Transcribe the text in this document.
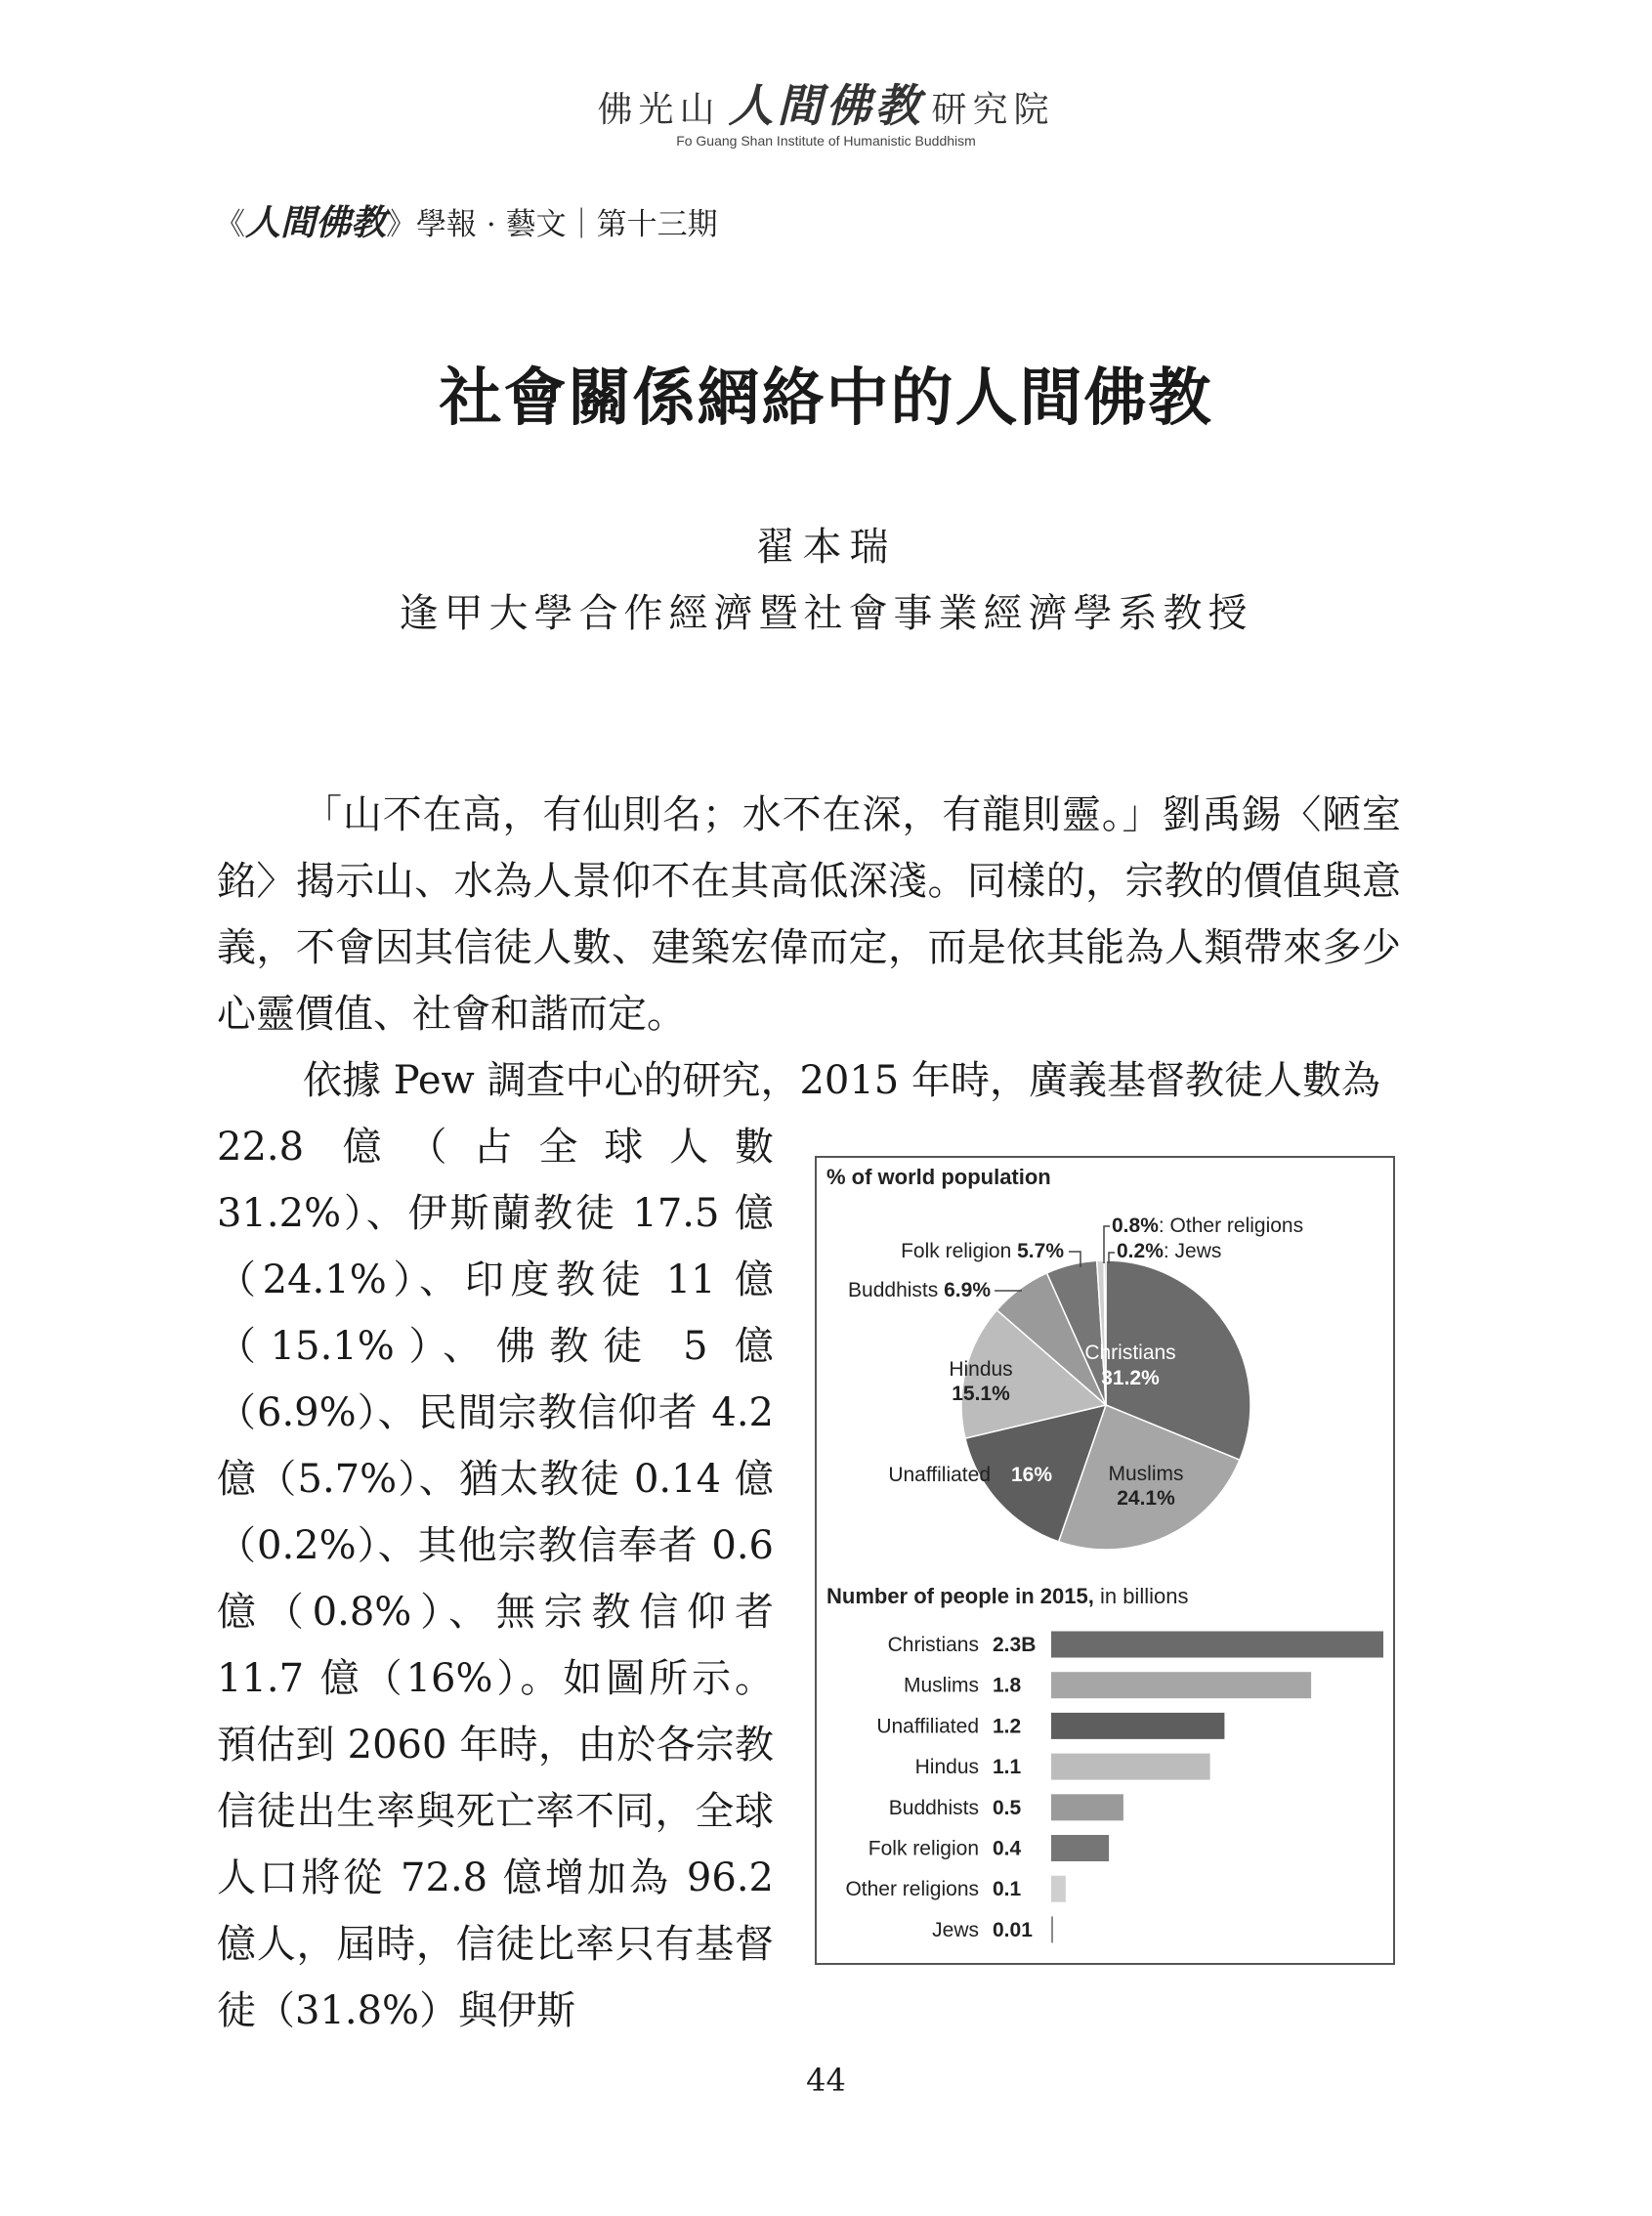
佛光山 人間佛教 研究院
Fo Guang Shan Institute of Humanistic Buddhism
《人間佛教》學報 · 藝文｜第十三期
社會關係網絡中的人間佛教
翟本瑞
逢甲大學合作經濟暨社會事業經濟學系教授
「山不在高，有仙則名；水不在深，有龍則靈。」劉禹錫〈陋室銘〉揭示山、水為人景仰不在其高低深淺。同樣的，宗教的價值與意義，不會因其信徒人數、建築宏偉而定，而是依其能為人類帶來多少心靈價值、社會和諧而定。
依據 Pew 調查中心的研究，2015 年時，廣義基督教徒人數為
22.8 億（占全球人數 31.2%）、伊斯蘭教徒 17.5 億（24.1%）、印度教徒 11 億（15.1%）、佛教徒 5 億（6.9%）、民間宗教信仰者 4.2 億（5.7%）、猶太教徒 0.14 億（0.2%）、其他宗教信奉者 0.6 億（0.8%）、無宗教信仰者 11.7 億（16%）。如圖所示。預估到 2060 年時，由於各宗教信徒出生率與死亡率不同，全球人口將從 72.8 億增加為 96.2 億人，屆時，信徒比率只有基督徒（31.8%）與伊斯
% of world population
0.8%: Other religions
0.2%: Jews
Folk religion 5.7%
Buddhists 6.9%
Unaffiliated
Christians
31.2%
Muslims
24.1%
16%
Hindus
15.1%
Number of people in 2015, in billions
Christians 2.3B
Muslims 1.8
Unaffiliated 1.2
Hindus 1.1
Buddhists 0.5
Folk religion 0.4
Other religions 0.1
Jews 0.01
44
